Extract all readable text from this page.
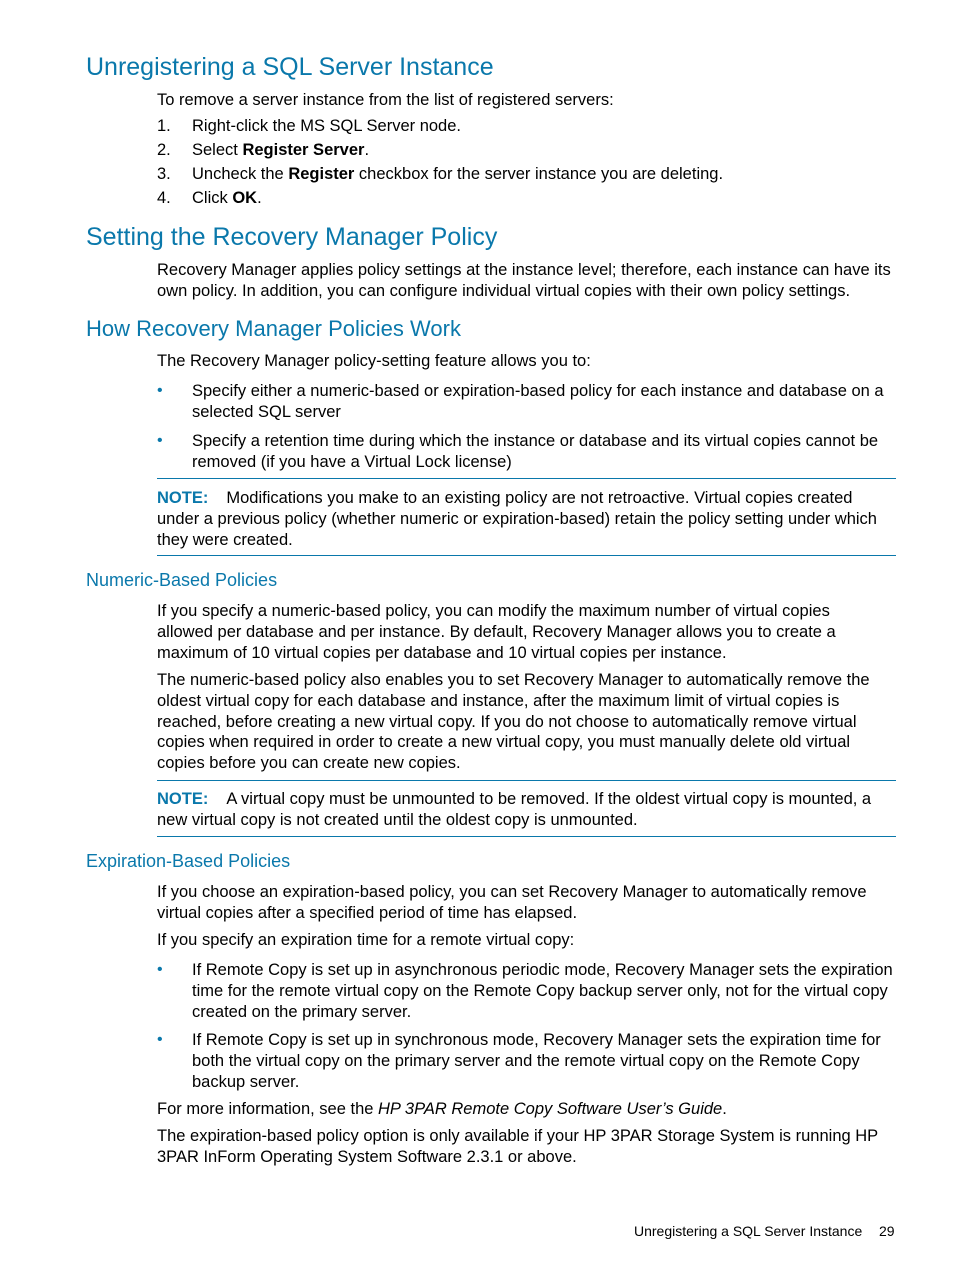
Unregistering a SQL Server Instance

To remove a server instance from the list of registered servers:

1. Right-click the MS SQL Server node.
2. Select Register Server.
3. Uncheck the Register checkbox for the server instance you are deleting.
4. Click OK.
Setting the Recovery Manager Policy

Recovery Manager applies policy settings at the instance level; therefore, each instance can have its own policy. In addition, you can configure individual virtual copies with their own policy settings.

How Recovery Manager Policies Work

The Recovery Manager policy-setting feature allows you to:

• Specify either a numeric-based or expiration-based policy for each instance and database on a selected SQL server

• Specify a retention time during which the instance or database and its virtual copies cannot be removed (if you have a Virtual Lock license)

NOTE: Modifications you make to an existing policy are not retroactive. Virtual copies created under a previous policy (whether numeric or expiration-based) retain the policy setting under which they were created.

Numeric-Based Policies

If you specify a numeric-based policy, you can modify the maximum number of virtual copies allowed per database and per instance. By default, Recovery Manager allows you to create a maximum of 10 virtual copies per database and 10 virtual copies per instance.

The numeric-based policy also enables you to set Recovery Manager to automatically remove the oldest virtual copy for each database and instance, after the maximum limit of virtual copies is reached, before creating a new virtual copy. If you do not choose to automatically remove virtual copies when required in order to create a new virtual copy, you must manually delete old virtual copies before you can create new copies.

NOTE: A virtual copy must be unmounted to be removed. If the oldest virtual copy is mounted, a new virtual copy is not created until the oldest copy is unmounted.

Expiration-Based Policies

If you choose an expiration-based policy, you can set Recovery Manager to automatically remove virtual copies after a specified period of time has elapsed.

If you specify an expiration time for a remote virtual copy:

• If Remote Copy is set up in asynchronous periodic mode, Recovery Manager sets the expiration time for the remote virtual copy on the Remote Copy backup server only, not for the virtual copy created on the primary server.

• If Remote Copy is set up in synchronous mode, Recovery Manager sets the expiration time for both the virtual copy on the primary server and the remote virtual copy on the Remote Copy backup server.

For more information, see the HP 3PAR Remote Copy Software User’s Guide.

The expiration-based policy option is only available if your HP 3PAR Storage System is running HP 3PAR InForm Operating System Software 2.3.1 or above.

Unregistering a SQL Server Instance 29
